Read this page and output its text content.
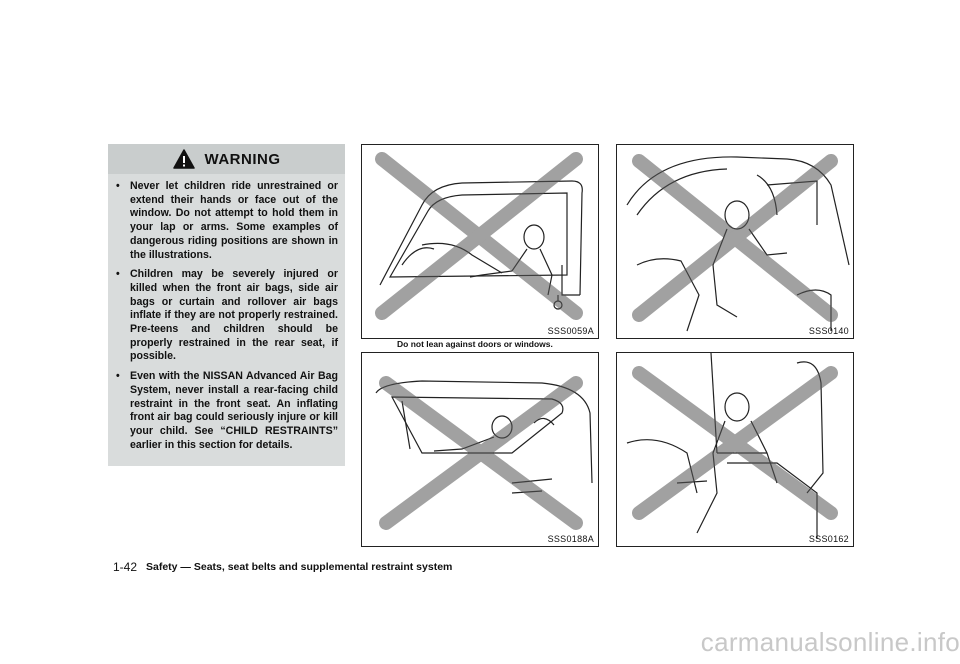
WARNING
• Never let children ride unrestrained or extend their hands or face out of the window. Do not attempt to hold them in your lap or arms. Some examples of dangerous riding positions are shown in the illustrations.
• Children may be severely injured or killed when the front air bags, side air bags or curtain and rollover air bags inflate if they are not properly restrained. Pre-teens and children should be properly restrained in the rear seat, if possible.
• Even with the NISSAN Advanced Air Bag System, never install a rear-facing child restraint in the front seat. An inflating front air bag could seriously injure or kill your child. See “CHILD RESTRAINTS” earlier in this section for details.
SSS0059A
Do not lean against doors or windows.
SSS0140
SSS0188A	SSS0162
1-42 Safety — Seats, seat belts and supplemental restraint system
carmanualsonline.info
